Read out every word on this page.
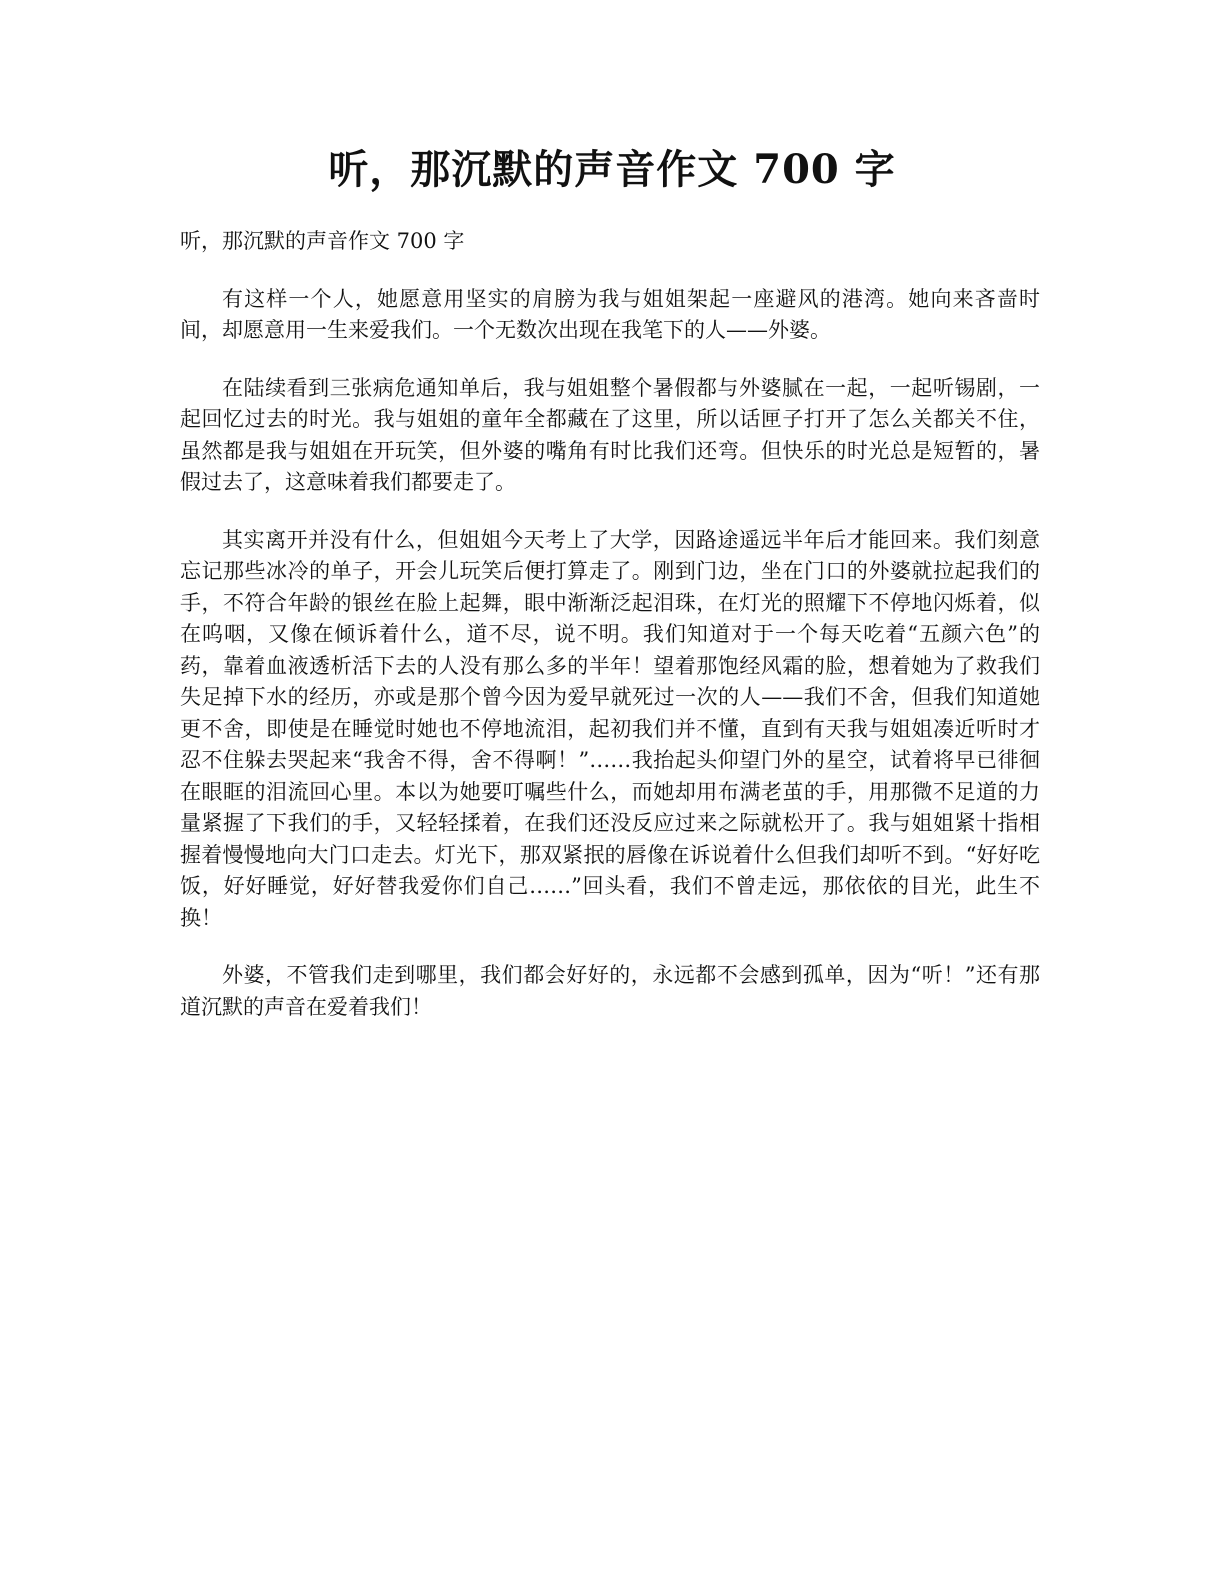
听，那沉默的声音作文 700 字

听，那沉默的声音作文 700 字

有这样一个人，她愿意用坚实的肩膀为我与姐姐架起一座避风的港湾。她向来吝啬时间，却愿意用一生来爱我们。一个无数次出现在我笔下的人——外婆。

在陆续看到三张病危通知单后，我与姐姐整个暑假都与外婆腻在一起，一起听锡剧，一起回忆过去的时光。我与姐姐的童年全都藏在了这里，所以话匣子打开了怎么关都关不住，虽然都是我与姐姐在开玩笑，但外婆的嘴角有时比我们还弯。但快乐的时光总是短暂的，暑假过去了，这意味着我们都要走了。

其实离开并没有什么，但姐姐今天考上了大学，因路途遥远半年后才能回来。我们刻意忘记那些冰冷的单子，开会儿玩笑后便打算走了。刚到门边，坐在门口的外婆就拉起我们的手，不符合年龄的银丝在脸上起舞，眼中渐渐泛起泪珠，在灯光的照耀下不停地闪烁着，似在呜咽，又像在倾诉着什么，道不尽，说不明。我们知道对于一个每天吃着“五颜六色”的药，靠着血液透析活下去的人没有那么多的半年！望着那饱经风霜的脸，想着她为了救我们失足掉下水的经历，亦或是那个曾今因为爱早就死过一次的人——我们不舍，但我们知道她更不舍，即使是在睡觉时她也不停地流泪，起初我们并不懂，直到有天我与姐姐凑近听时才忍不住躲去哭起来“我舍不得，舍不得啊！”……我抬起头仰望门外的星空，试着将早已徘徊在眼眶的泪流回心里。本以为她要叮嘱些什么，而她却用布满老茧的手，用那微不足道的力量紧握了下我们的手，又轻轻揉着，在我们还没反应过来之际就松开了。我与姐姐紧十指相握着慢慢地向大门口走去。灯光下，那双紧抿的唇像在诉说着什么但我们却听不到。“好好吃饭，好好睡觉，好好替我爱你们自己……”回头看，我们不曾走远，那依依的目光，此生不换！

外婆，不管我们走到哪里，我们都会好好的，永远都不会感到孤单，因为“听！”还有那道沉默的声音在爱着我们！
